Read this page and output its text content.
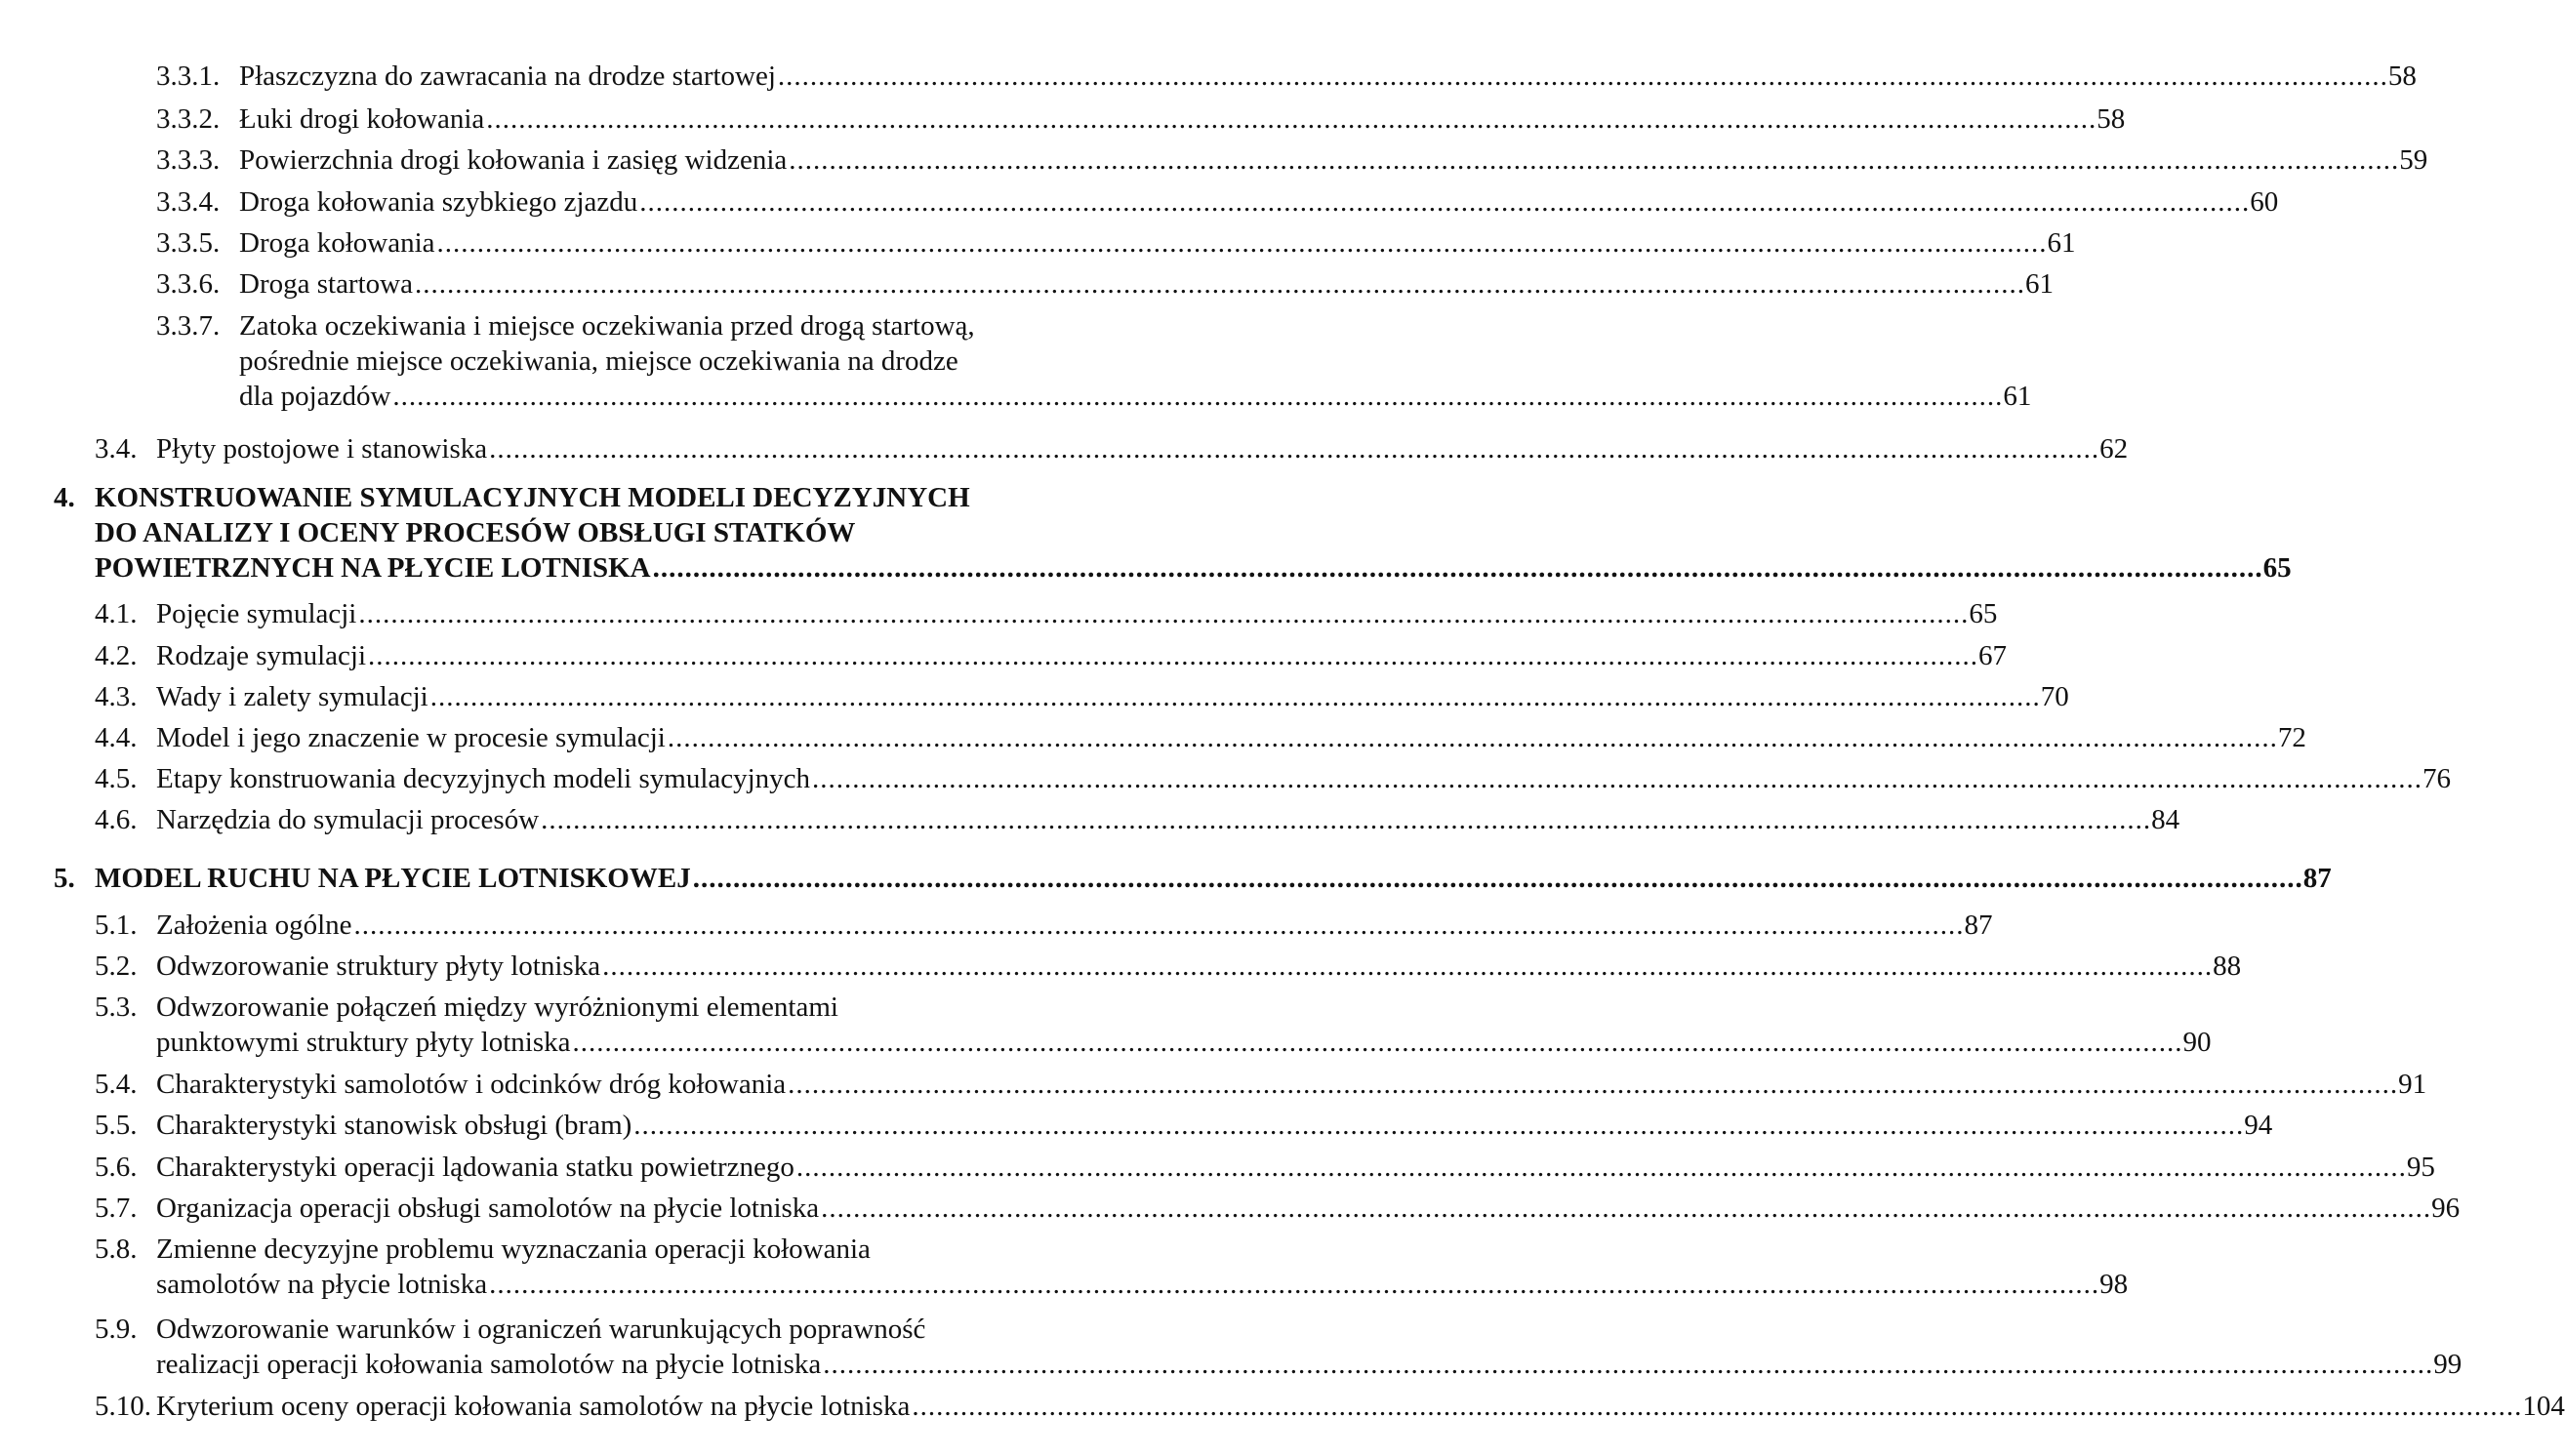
3.3.1. Płaszczyzna do zawracania na drodze startowej ........................................................................................................................................................................................................ 58
3.3.2. Łuki drogi kołowania ........................................................................................................................................................................................................ 58
3.3.3. Powierzchnia drogi kołowania i zasięg widzenia ........................................................................................................................................................................................................ 59
3.3.4. Droga kołowania szybkiego zjazdu ........................................................................................................................................................................................................ 60
3.3.5. Droga kołowania ........................................................................................................................................................................................................ 61
3.3.6. Droga startowa ........................................................................................................................................................................................................ 61
3.3.7. Zatoka oczekiwania i miejsce oczekiwania przed drogą startową,
pośrednie miejsce oczekiwania, miejsce oczekiwania na drodze
dla pojazdów ........................................................................................................................................................................................................ 61
3.4. Płyty postojowe i stanowiska ........................................................................................................................................................................................................ 62
4. KONSTRUOWANIE SYMULACYJNYCH MODELI DECYZYJNYCH
DO ANALIZY I OCENY PROCESÓW OBSŁUGI STATKÓW
POWIETRZNYCH NA PŁYCIE LOTNISKA ........................................................................................................................................................................................................ 65
4.1. Pojęcie symulacji ........................................................................................................................................................................................................ 65
4.2. Rodzaje symulacji ........................................................................................................................................................................................................ 67
4.3. Wady i zalety symulacji ........................................................................................................................................................................................................ 70
4.4. Model i jego znaczenie w procesie symulacji ........................................................................................................................................................................................................ 72
4.5. Etapy konstruowania decyzyjnych modeli symulacyjnych ........................................................................................................................................................................................................ 76
4.6. Narzędzia do symulacji procesów ........................................................................................................................................................................................................ 84
5. MODEL RUCHU NA PŁYCIE LOTNISKOWEJ ........................................................................................................................................................................................................ 87
5.1. Założenia ogólne ........................................................................................................................................................................................................ 87
5.2. Odwzorowanie struktury płyty lotniska ........................................................................................................................................................................................................ 88
5.3. Odwzorowanie połączeń między wyróżnionymi elementami
punktowymi struktury płyty lotniska ........................................................................................................................................................................................................ 90
5.4. Charakterystyki samolotów i odcinków dróg kołowania ........................................................................................................................................................................................................ 91
5.5. Charakterystyki stanowisk obsługi (bram) ........................................................................................................................................................................................................ 94
5.6. Charakterystyki operacji lądowania statku powietrznego ........................................................................................................................................................................................................ 95
5.7. Organizacja operacji obsługi samolotów na płycie lotniska ........................................................................................................................................................................................................ 96
5.8. Zmienne decyzyjne problemu wyznaczania operacji kołowania
samolotów na płycie lotniska ........................................................................................................................................................................................................ 98
5.9. Odwzorowanie warunków i ograniczeń warunkujących poprawność
realizacji operacji kołowania samolotów na płycie lotniska ........................................................................................................................................................................................................ 99
5.10. Kryterium oceny operacji kołowania samolotów na płycie lotniska ........................................................................................................................................................................................................ 104
